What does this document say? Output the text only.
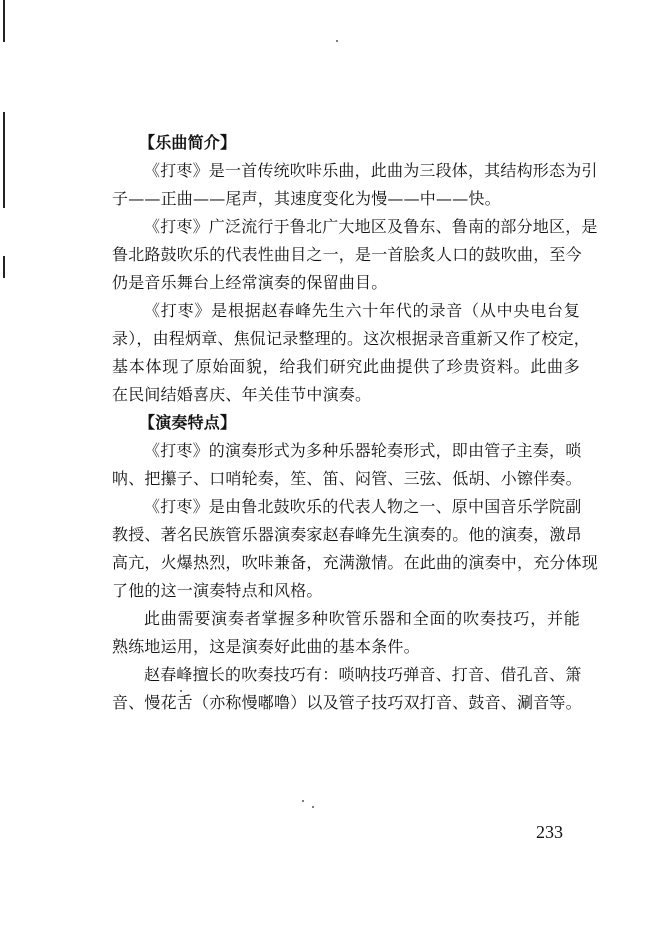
【乐曲简介】
《打枣》是一首传统吹咔乐曲，此曲为三段体，其结构形态为引
子——正曲——尾声，其速度变化为慢——中——快。
《打枣》广泛流行于鲁北广大地区及鲁东、鲁南的部分地区，是
鲁北路鼓吹乐的代表性曲目之一，是一首脍炙人口的鼓吹曲，至今
仍是音乐舞台上经常演奏的保留曲目。
《打枣》是根据赵春峰先生六十年代的录音（从中央电台复
录），由程炳章、焦侃记录整理的。这次根据录音重新又作了校定，
基本体现了原始面貌，给我们研究此曲提供了珍贵资料。此曲多
在民间结婚喜庆、年关佳节中演奏。
【演奏特点】
《打枣》的演奏形式为多种乐器轮奏形式，即由管子主奏，唢
呐、把攥子、口哨轮奏，笙、笛、闷管、三弦、低胡、小镲伴奏。
《打枣》是由鲁北鼓吹乐的代表人物之一、原中国音乐学院副
教授、著名民族管乐器演奏家赵春峰先生演奏的。他的演奏，激昂
高亢，火爆热烈，吹咔兼备，充满激情。在此曲的演奏中，充分体现
了他的这一演奏特点和风格。
此曲需要演奏者掌握多种吹管乐器和全面的吹奏技巧，并能
熟练地运用，这是演奏好此曲的基本条件。
赵春峰擅长的吹奏技巧有：唢呐技巧弹音、打音、借孔音、箫
音、慢花舌（亦称慢嘟噜）以及管子技巧双打音、鼓音、涮音等。
233
